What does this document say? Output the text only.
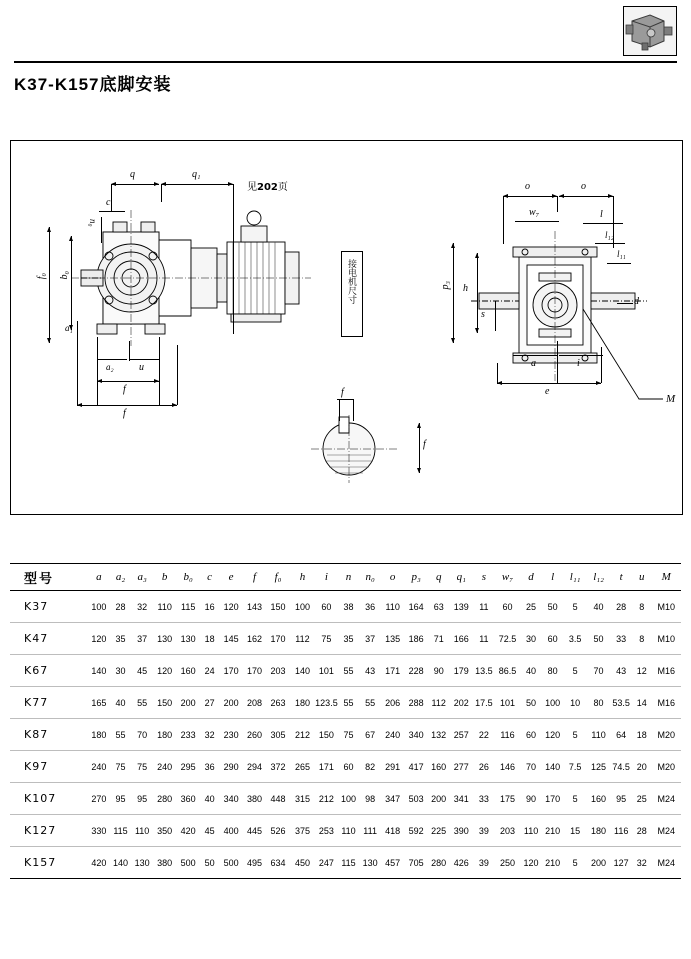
K37-K157底脚安装
q	q₁
见202页
c
n₀
b₀
f₀
a₁
a₂	u
f
f
接电机尺寸
f
f
o	o
w₇	l
l₁₂
l₁₁
d
p₃ h
s
a	i
e
M
型号	a	a₂	a₃	b	b₀	c	e	f	f₀	h	i	n	n₀	o	p₃	q	q₁	s	w₇	d	l	l₁₁	l₁₂	t	u	M
K37	100	28	32	110	115	16	120	143	150	100	60	38	36	110	164	63	139	11	60	25	50	5	40	28	8	M10
K47	120	35	37	130	130	18	145	162	170	112	75	35	37	135	186	71	166	11	72.5	30	60	3.5	50	33	8	M10
K67	140	30	45	120	160	24	170	170	203	140	101	55	43	171	228	90	179	13.5	86.5	40	80	5	70	43	12	M16
K77	165	40	55	150	200	27	200	208	263	180	123.5	55	55	206	288	112	202	17.5	101	50	100	10	80	53.5	14	M16
K87	180	55	70	180	233	32	230	260	305	212	150	75	67	240	340	132	257	22	116	60	120	5	110	64	18	M20
K97	240	75	75	240	295	36	290	294	372	265	171	60	82	291	417	160	277	26	146	70	140	7.5	125	74.5	20	M20
K107	270	95	95	280	360	40	340	380	448	315	212	100	98	347	503	200	341	33	175	90	170	5	160	95	25	M24
K127	330	115	110	350	420	45	400	445	526	375	253	110	111	418	592	225	390	39	203	110	210	15	180	116	28	M24
K157	420	140	130	380	500	50	500	495	634	450	247	115	130	457	705	280	426	39	250	120	210	5	200	127	32	M24
